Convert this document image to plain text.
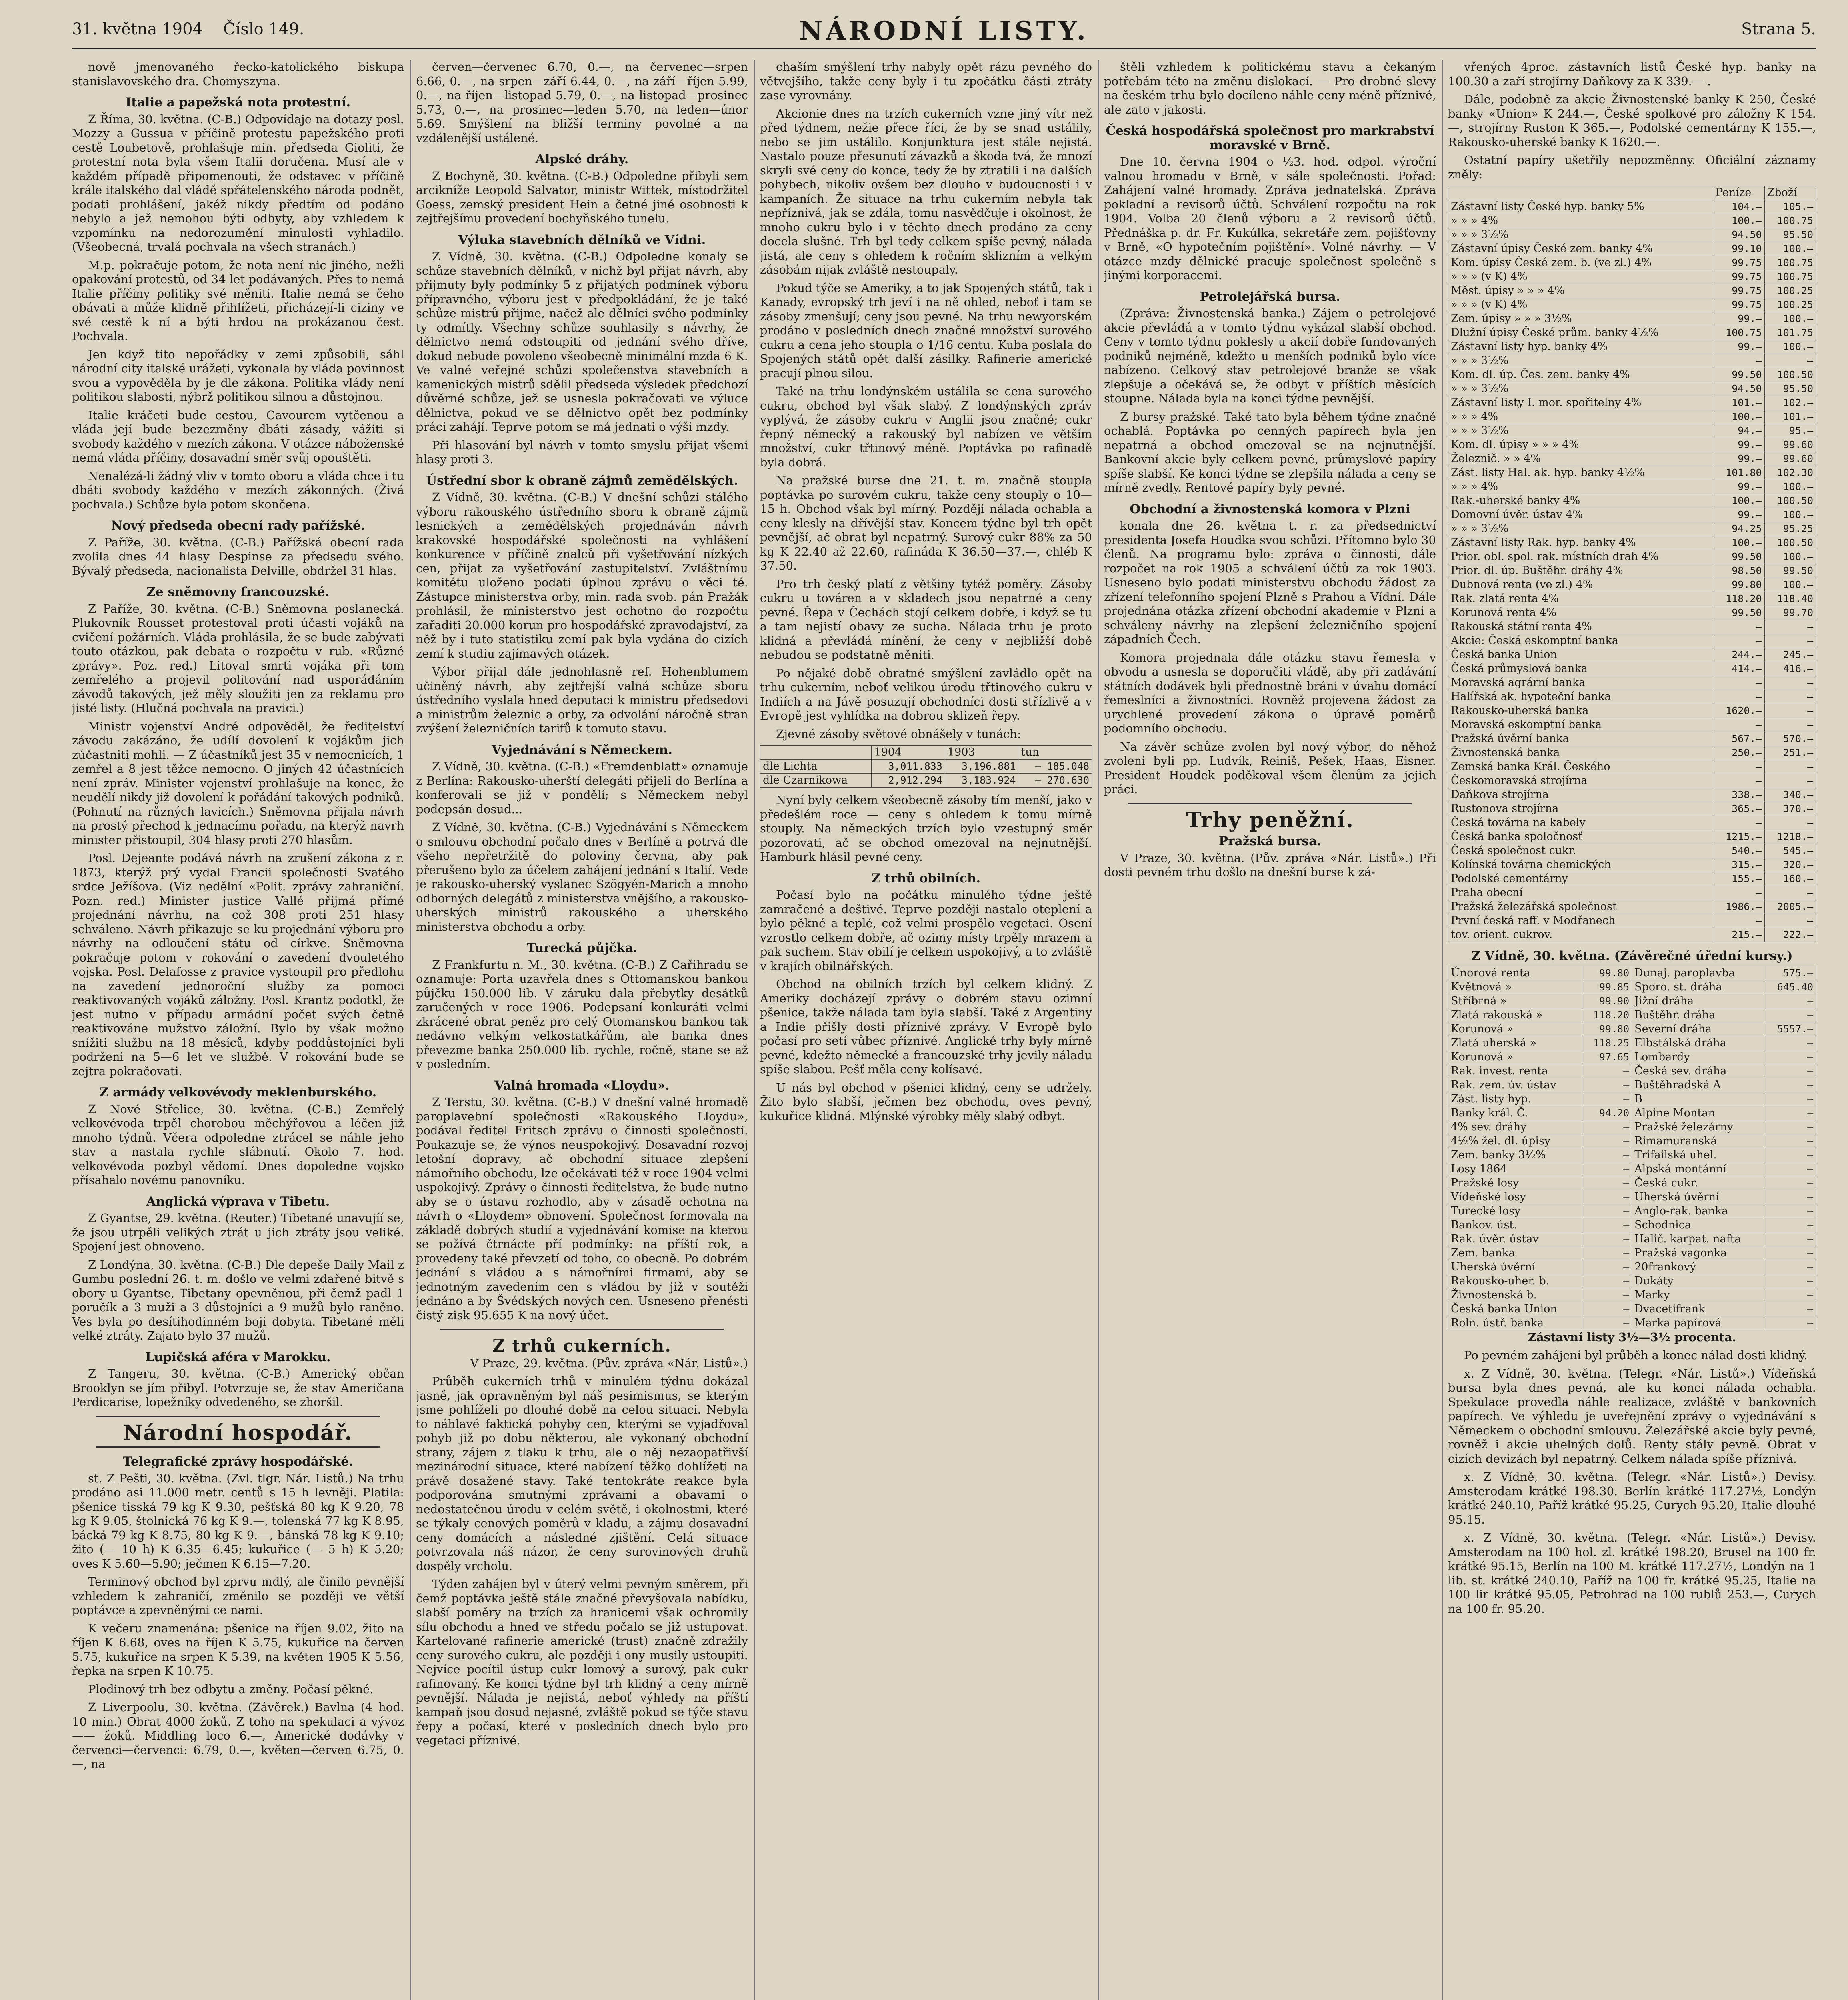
31. května 1904 Číslo 149.	NÁRODNÍ LISTY.	Strana 5.

nově jmenovaného řecko-katolického biskupa stanislavovského dra. Chomyszyna.

Italie a papežská nota protestní.

Z Říma, 30. května. (C-B.) Odpovídaje na dotazy posl. Mozzy a Gussua v příčině protestu papežského proti cestě Loubetově, prohlašuje min. předseda Gioliti, že protestní nota byla všem Italii doručena. Musí ale v každém případě připomenouti, že odstavec v příčině krále italského dal vládě spřátelenského národa podnět, podati prohlášení, jakéž nikdy předtím od podáno nebylo a jež nemohou býti odbyty, aby vzhledem k vzpomínku na nedorozumění minulosti vyhladilo. (Všeobecná, trvalá pochvala na všech stranách.)

M.p. pokračuje potom, že nota není nic jiného, nežli opakování protestů, od 34 let podávaných. Přes to nemá Italie příčiny politiky své měniti. Italie nemá se čeho obávati a může klidně přihlížeti, přicházejí-li ciziny ve své cestě k ní a býti hrdou na prokázanou čest. Pochvala.

Jen když tito nepořádky v zemi způsobili, sáhl národní city italské urážeti, vykonala by vláda povinnost svou a vypověděla by je dle zákona. Politika vlády není politikou slabosti, nýbrž politikou silnou a důstojnou.

Italie kráčeti bude cestou, Cavourem vytčenou a vláda její bude bezezměny dbáti zásady, vážiti si svobody každého v mezích zákona. V otázce náboženské nemá vláda příčiny, dosavadní směr svůj opouštěti.

Nenalézá-li žádný vliv v tomto oboru a vláda chce i tu dbáti svobody každého v mezích zákonných. (Živá pochvala.) Schůze byla potom skončena.

Nový předseda obecní rady pařížské.

Z Paříže, 30. května. (C-B.) Pařížská obecní rada zvolila dnes 44 hlasy Despinse za předsedu svého. Bývalý předseda, nacionalista Delville, obdržel 31 hlas.

Ze sněmovny francouzské.

Z Paříže, 30. května. (C-B.) Sněmovna poslanecká. Plukovník Rousset protestoval proti účasti vojáků na cvičení požárních. Vláda prohlásila, že se bude zabývati touto otázkou, pak debata o rozpočtu v rub. «Různé zprávy». Poz. red.) Litoval smrti vojáka při tom zemřelého a projevil politování nad usporádáním závodů takových, jež měly sloužiti jen za reklamu pro jisté listy. (Hlučná pochvala na pravici.)

Ministr vojenství André odpověděl, že ředitelství závodu zakázáno, že udílí dovolení k vojákům jich zúčastniti mohli. — Z účastníků jest 35 v nemocnicích, 1 zemřel a 8 jest těžce nemocno. O jiných 42 účastnících není zpráv. Minister vojenství prohlašuje na konec, že neudělí nikdy již dovolení k pořádání takových podniků. (Pohnutí na různých lavicích.) Sněmovna přijala návrh na prostý přechod k jednacímu pořadu, na kterýž navrh minister přistoupil, 304 hlasy proti 270 hlasům.

Posl. Dejeante podává návrh na zrušení zákona z r. 1873, kterýž prý vydal Francii společnosti Svatého srdce Ježíšova. (Viz nedělní «Polit. zprávy zahraniční. Pozn. red.) Minister justice Vallé přijmá přímé projednání návrhu, na což 308 proti 251 hlasy schváleno. Návrh přikazuje se ku projednání výboru pro návrhy na odloučení státu od církve. Sněmovna pokračuje potom v rokování o zavedení dvouletého vojska. Posl. Delafosse z pravice vystoupil pro předlohu na zavedení jednoroční služby za pomoci reaktivovaných vojáků záložny. Posl. Krantz podotkl, že jest nutno v případu armádní počet svých četně reaktivováne mužstvo záložní. Bylo by však možno snížiti službu na 18 měsíců, kdyby poddůstojníci byli podrženi na 5—6 let ve službě. V rokování bude se zejtra pokračovati.

Z armády velkovévody meklenburského.

Z Nové Střelice, 30. května. (C-B.) Zemřelý velkovévoda trpěl chorobou měchýřovou a léčen již mnoho týdnů. Včera odpoledne ztrácel se náhle jeho stav a nastala rychle slábnutí. Okolo 7. hod. velkovévoda pozbyl vědomí. Dnes dopoledne vojsko přísahalo novému panovníku.

Anglická výprava v Tibetu.

Z Gyantse, 29. května. (Reuter.) Tibetané unavujíí se, že jsou utrpěli velikých ztrát u jich ztráty jsou veliké. Spojení jest obnoveno.

Z Londýna, 30. května. (C-B.) Dle depeše Daily Mail z Gumbu poslední 26. t. m. došlo ve velmi zdařené bitvě s obory u Gyantse, Tibetany opevněnou, při čemž padl 1 poručík a 3 muži a 3 důstojníci a 9 mužů bylo raněno. Ves byla po desítihodinném boji dobyta. Tibetané měli velké ztráty. Zajato bylo 37 mužů.

Lupičská aféra v Marokku.

Z Tangeru, 30. května. (C-B.) Americký občan Brooklyn se jím přibyl. Potvrzuje se, že stav Američana Perdicarise, lopežníky odvedeného, se zhoršil.

Národní hospodář.
Telegrafické zprávy hospodářské.

st. Z Pešti, 30. května. (Zvl. tlgr. Nár. Listů.) Na trhu prodáno asi 11.000 metr. centů s 15 h levněji. Platila: pšenice tisská 79 kg K 9.30, pešťská 80 kg K 9.20, 78 kg K 9.05, štolnická 76 kg K 9.—, tolenská 77 kg K 8.95, bácká 79 kg K 8.75, 80 kg K 9.—, bánská 78 kg K 9.10; žito (— 10 h) K 6.35—6.45; kukuřice (— 5 h) K 5.20; oves K 5.60—5.90; ječmen K 6.15—7.20.

Terminový obchod byl zprvu mdlý, ale činilo pevnější vzhledem k zahraničí, změnilo se později ve větší poptávce a zpevněnými ce nami.

K večeru znamenána: pšenice na říjen 9.02, žito na říjen K 6.68, oves na říjen K 5.75, kukuřice na červen 5.75, kukuřice na srpen K 5.39, na květen 1905 K 5.56, řepka na srpen K 10.75.

Plodinový trh bez odbytu a změny. Počasí pěkné.

Z Liverpoolu, 30. května. (Závěrek.) Bavlna (4 hod. 10 min.) Obrat 4000 žoků. Z toho na spekulaci a vývoz —— žoků. Middling loco 6.—, Americké dodávky v červenci—červenci: 6.79, 0.—, květen—červen 6.75, 0.—, na

červen—červenec 6.70, 0.—, na červenec—srpen 6.66, 0.—, na srpen—září 6.44, 0.—, na září—říjen 5.99, 0.—, na říjen—listopad 5.79, 0.—, na listopad—prosinec 5.73, 0.—, na prosinec—leden 5.70, na leden—únor 5.69. Smýšlení na bližší terminy povolné a na vzdálenější ustálené.

Alpské dráhy.

Z Bochyně, 30. května. (C-B.) Odpoledne přibyli sem arcikníže Leopold Salvator, ministr Wittek, místodržitel Goess, zemský president Hein a četné jiné osobnosti k zejtřejšímu provedení bochyňského tunelu.

Výluka stavebních dělníků ve Vídni.

Z Vídně, 30. května. (C-B.) Odpoledne konaly se schůze stavebních dělníků, v nichž byl přijat návrh, aby přijmuty byly podmínky 5 z přijatých podmínek výboru přípravného, výboru jest v předpokládání, že je také schůze mistrů přijme, načež ale dělníci svého podmínky ty odmítly. Všechny schůze souhlasily s návrhy, že dělnictvo nemá odstoupiti od jednání svého dříve, dokud nebude povoleno všeobecně minimální mzda 6 K. Ve valné veřejné schůzi společenstva stavebních a kamenických mistrů sdělil předseda výsledek předchozí důvěrné schůze, jež se usnesla pokračovati ve výluce dělnictva, pokud ve se dělnictvo opět bez podmínky práci zahájí. Teprve potom se má jednati o výši mzdy.

Při hlasování byl návrh v tomto smyslu přijat všemi hlasy proti 3.

Ústřední sbor k obraně zájmů zemědělských.

Z Vídně, 30. května. (C-B.) V dnešní schůzi stálého výboru rakouského ústředního sboru k obraně zájmů lesnických a zemědělských projednáván návrh krakovské hospodářské společnosti na vyhlášení konkurence v příčině znalců při vyšetřování nízkých cen, přijat za vyšetřování zastupitelství. Zvláštnímu komitétu uloženo podati úplnou zprávu o věci té. Zástupce ministerstva orby, min. rada svob. pán Pražák prohlásil, že ministerstvo jest ochotno do rozpočtu zařaditi 20.000 korun pro hospodářské zpravodajství, za něž by i tuto statistiku zemí pak byla vydána do cizích zemí k studiu zajímavých otázek.

Výbor přijal dále jednohlasně ref. Hohenblumem učiněný návrh, aby zejtřejší valná schůze sboru ústředního vyslala hned deputaci k ministru předsedovi a ministrům železnic a orby, za odvolání náročně stran zvýšení železničních tarifů k tomuto stavu.

Vyjednávání s Německem.

Z Vídně, 30. května. (C-B.) «Fremdenblatt» oznamuje z Berlína: Rakousko-uherští delegáti přijeli do Berlína a konferovali se již v pondělí; s Německem nebyl podepsán dosud...

Z Vídně, 30. května. (C-B.) Vyjednávání s Německem o smlouvu obchodní počalo dnes v Berlíně a potrvá dle všeho nepřetržitě do poloviny června, aby pak přerušeno bylo za účelem zahájení jednání s Italií. Vede je rakousko-uherský vyslanec Szögyén-Marich a mnoho odborných delegátů z ministerstva vnějšího, a rakousko-uherských ministrů rakouského a uherského ministerstva obchodu a orby.

Turecká půjčka.

Z Frankfurtu n. M., 30. května. (C-B.) Z Cařihradu se oznamuje: Porta uzavřela dnes s Ottomanskou bankou půjčku 150.000 lib. V záruku dala přebytky desátků zaručených v roce 1906. Podepsaní konkuráti velmi zkrácené obrat peněz pro celý Otomanskou bankou tak nedávno velkým velkostatkářům, ale banka dnes převezme banka 250.000 lib. rychle, ročně, stane se až v posledním.

Valná hromada «Lloydu».

Z Terstu, 30. května. (C-B.) V dnešní valné hromadě paroplavební společnosti «Rakouského Lloydu», podával ředitel Fritsch zprávu o činnosti společnosti. Poukazuje se, že výnos neuspokojivý. Dosavadní rozvoj letošní dopravy, ač obchodní situace zlepšení námořního obchodu, lze očekávati též v roce 1904 velmi uspokojivý. Zprávy o činnosti ředitelstva, že bude nutno aby se o ústavu rozhodlo, aby v zásadě ochotna na návrh o «Lloydem» obnovení. Společnost formovala na základě dobrých studií a vyjednávání komise na kterou se požívá čtrnácte pří podmínky: na příští rok, a provedeny také převzetí od toho, co obecně. Po dobrém jednání s vládou a s námořními firmami, aby se jednotným zavedením cen s vládou by již v soutěži jednáno a by Švédských nových cen. Usneseno přenésti čistý zisk 95.655 K na nový účet.

Z trhů cukerních.

V Praze, 29. května. (Pův. zpráva «Nár. Listů».)

Průběh cukerních trhů v minulém týdnu dokázal jasně, jak opravněným byl náš pesimismus, se kterým jsme pohlíželi po dlouhé době na celou situaci. Nebyla to náhlavé faktická pohyby cen, kterými se vyjadřoval pohyb již po dobu některou, ale vykonaný obchodní strany, zájem z tlaku k trhu, ale o něj nezaopatřivší mezinárodní situace, které nabízení těžko dohlížeti na právě dosažené stavy. Také tentokráte reakce byla podporována smutnými zprávami a obavami o nedostatečnou úrodu v celém světě, i okolnostmi, které se týkaly cenových poměrů v kladu, a zájmu dosavadní ceny domácích a následné zjištění. Celá situace potvrzovala náš názor, že ceny surovinových druhů dospěly vrcholu.

Týden zahájen byl v úterý velmi pevným směrem, při čemž poptávka ještě stále značné převyšovala nabídku, slabší poměry na trzích za hranicemi však ochromily sílu obchodu a hned ve středu počalo se již ustupovat. Kartelované rafinerie americké (trust) značně zdražily ceny surového cukru, ale později i ony musily ustoupiti. Nejvíce pocítil ústup cukr lomový a surový, pak cukr rafinovaný. Ke konci týdne byl trh klidný a ceny mírně pevnější. Nálada je nejistá, neboť výhledy na příští kampaň jsou dosud nejasné, zvláště pokud se týče stavu řepy a počasí, které v posledních dnech bylo pro vegetaci příznivé.

chaším smýšlení trhy nabyly opět rázu pevného do větvejšího, takže ceny byly i tu zpočátku části ztráty zase vyrovnány.

Akcionie dnes na trzích cukerních vzne jiný vítr než před týdnem, nežie přece říci, že by se snad ustálily, nebo se jim ustálilo. Konjunktura jest stále nejistá. Nastalo pouze přesunutí závazků a škoda tvá, že mnozí skryli své ceny do konce, tedy že by ztratili i na dalších pohybech, nikoliv ovšem bez dlouho v budoucnosti i v kampaních. Že situace na trhu cukerním nebyla tak nepříznivá, jak se zdála, tomu nasvědčuje i okolnost, že mnoho cukru bylo i v těchto dnech prodáno za ceny docela slušné. Trh byl tedy celkem spíše pevný, nálada jistá, ale ceny s ohledem k ročním sklizním a velkým zásobám nijak zvláště nestoupaly.

Pokud týče se Ameriky, a to jak Spojených států, tak i Kanady, evropský trh jeví i na ně ohled, neboť i tam se zásoby zmenšují; ceny jsou pevné. Na trhu newyorském prodáno v posledních dnech značné množství surového cukru a cena jeho stoupla o 1/16 centu. Kuba poslala do Spojených států opět další zásilky. Rafinerie americké pracují plnou silou.

Také na trhu londýnském ustálila se cena surového cukru, obchod byl však slabý. Z londýnských zpráv vyplývá, že zásoby cukru v Anglii jsou značné; cukr řepný německý a rakouský byl nabízen ve větším množství, cukr třtinový méně. Poptávka po rafinadě byla dobrá.

Na pražské burse dne 21. t. m. značně stoupla poptávka po surovém cukru, takže ceny stouply o 10—15 h. Obchod však byl mírný. Později nálada ochabla a ceny klesly na dřívější stav. Koncem týdne byl trh opět pevnější, ač obrat byl nepatrný. Surový cukr 88% za 50 kg K 22.40 až 22.60, rafináda K 36.50—37.—, chléb K 37.50.

Pro trh český platí z většiny tytéž poměry. Zásoby cukru u továren a v skladech jsou nepatrné a ceny pevné. Řepa v Čechách stojí celkem dobře, i když se tu a tam nejistí obavy ze sucha. Nálada trhu je proto klidná a převládá mínění, že ceny v nejbližší době nebudou se podstatně měniti.

Po nějaké době obratné smýšlení zavládlo opět na trhu cukerním, neboť velikou úrodu třtinového cukru v Indiích a na Jávě posuzují obchodníci dosti střízlivě a v Evropě jest vyhlídka na dobrou sklizeň řepy.

Zjevné zásoby světové obnášely v tunách:

	1904	1903	tun
dle Lichta	3,011.833	3,196.881	— 185.048
dle Czarnikowa	2,912.294	3,183.924	— 270.630

Nyní byly celkem všeobecně zásoby tím menší, jako v předešlém roce — ceny s ohledem k tomu mírně stouply. Na německých trzích bylo vzestupný směr pozorovati, ač se obchod omezoval na nejnutnější. Hamburk hlásil pevné ceny.

Z trhů obilních.

Počasí bylo na počátku minulého týdne ještě zamračené a deštivé. Teprve později nastalo oteplení a bylo pěkné a teplé, což velmi prospělo vegetaci. Osení vzrostlo celkem dobře, ač ozimy místy trpěly mrazem a pak suchem. Stav obilí je celkem uspokojivý, a to zvláště v krajích obilnářských.

Obchod na obilních trzích byl celkem klidný. Z Ameriky docházejí zprávy o dobrém stavu ozimní pšenice, takže nálada tam byla slabší. Také z Argentiny a Indie přišly dosti příznivé zprávy. V Evropě bylo počasí pro setí vůbec příznivé. Anglické trhy byly mírně pevné, kdežto německé a francouzské trhy jevily náladu spíše slabou. Pešť měla ceny kolísavé.

U nás byl obchod v pšenici klidný, ceny se udržely. Žito bylo slabší, ječmen bez obchodu, oves pevný, kukuřice klidná. Mlýnské výrobky měly slabý odbyt.

štěli vzhledem k politickému stavu a čekaným potřebám této na změnu dislokací. — Pro drobné slevy na českém trhu bylo docíleno náhle ceny méně příznivé, ale zato v jakosti.

Česká hospodářská společnost pro markrabství moravské v Brně.

Dne 10. června 1904 o ½3. hod. odpol. výroční valnou hromadu v Brně, v sále společnosti. Pořad: Zahájení valné hromady. Zpráva jednatelská. Zpráva pokladní a revisorů účtů. Schválení rozpočtu na rok 1904. Volba 20 členů výboru a 2 revisorů účtů. Přednáška p. dr. Fr. Kukúlka, sekretáře zem. pojišťovny v Brně, «O hypotečním pojištění». Volné návrhy. — V otázce mzdy dělnické pracuje společnost společně s jinými korporacemi.

Petrolejářská bursa.

(Zpráva: Živnostenská banka.) Zájem o petrolejové akcie převládá a v tomto týdnu vykázal slabší obchod. Ceny v tomto týdnu poklesly u akcií dobře fundovaných podniků nejméně, kdežto u menších podniků bylo více nabízeno. Celkový stav petrolejové branže se však zlepšuje a očekává se, že odbyt v příštích měsících stoupne. Nálada byla na konci týdne pevnější.

Z bursy pražské. Také tato byla během týdne značně ochablá. Poptávka po cenných papírech byla jen nepatrná a obchod omezoval se na nejnutnější. Bankovní akcie byly celkem pevné, průmyslové papíry spíše slabší. Ke konci týdne se zlepšila nálada a ceny se mírně zvedly. Rentové papíry byly pevné.

Obchodní a živnostenská komora v Plzni

konala dne 26. května t. r. za předsednictví presidenta Josefa Houdka svou schůzi. Přítomno bylo 30 členů. Na programu bylo: zpráva o činnosti, dále rozpočet na rok 1905 a schválení účtů za rok 1903. Usneseno bylo podati ministerstvu obchodu žádost za zřízení telefonního spojení Plzně s Prahou a Vídní. Dále projednána otázka zřízení obchodní akademie v Plzni a schváleny návrhy na zlepšení železničního spojení západních Čech.

Komora projednala dále otázku stavu řemesla v obvodu a usnesla se doporučiti vládě, aby při zadávání státních dodávek byli přednostně bráni v úvahu domácí řemeslníci a živnostníci. Rovněž projevena žádost za urychlené provedení zákona o úpravě poměrů podomního obchodu.

Na závěr schůze zvolen byl nový výbor, do něhož zvoleni byli pp. Ludvík, Reiniš, Pešek, Haas, Eisner. President Houdek poděkoval všem členům za jejich práci.

Trhy peněžní.
Pražská bursa.

V Praze, 30. května. (Pův. zpráva «Nár. Listů».) Při dosti pevném trhu došlo na dnešní burse k zá-

vřených 4proc. zástavních listů České hyp. banky na 100.30 a zaří strojírny Daňkovy za K 339.— .

Dále, podobně za akcie Živnostenské banky K 250, České banky «Union» K 244.—, České spolkové pro záložny K 154.—, strojírny Ruston K 365.—, Podolské cementárny K 155.—, Rakousko-uherské banky K 1620.—.

Ostatní papíry ušetřily nepozměnny. Oficiální záznamy zněly:

	Peníze	Zboží
Zástavní listy České hyp. banky 5%	104.—	105.—
» » » 4%	100.—	100.75
» » » 3½%	94.50	95.50
Zástavní úpisy České zem. banky 4%	99.10	100.—
Kom. úpisy České zem. b. (ve zl.) 4%	99.75	100.75
» » » (v K) 4%	99.75	100.75
Měst. úpisy » » » 4%	99.75	100.25
» » » (v K) 4%	99.75	100.25
Zem. úpisy » » » 3½%	99.—	100.—
Dlužní úpisy České prům. banky 4½%	100.75	101.75
Zástavní listy hyp. banky 4%	99.—	100.—
» » » 3½%	—	—
Kom. dl. úp. Čes. zem. banky 4%	99.50	100.50
» » » 3½%	94.50	95.50
Zástavní listy I. mor. spořitelny 4%	101.—	102.—
» » » 4%	100.—	101.—
» » » 3½%	94.—	95.—
Kom. dl. úpisy » » » 4%	99.—	99.60
Železnič. » » 4%	99.—	99.60
Zást. listy Hal. ak. hyp. banky 4½%	101.80	102.30
» » » 4%	99.—	100.—
Rak.-uherské banky 4%	100.—	100.50
Domovní úvěr. ústav 4%	99.—	100.—
» » » 3½%	94.25	95.25
Zástavní listy Rak. hyp. banky 4%	100.—	100.50
Prior. obl. spol. rak. místních drah 4%	99.50	100.—
Prior. dl. úp. Buštěhr. dráhy 4%	98.50	99.50
Dubnová renta (ve zl.) 4%	99.80	100.—
Rak. zlatá renta 4%	118.20	118.40
Korunová renta 4%	99.50	99.70
Rakouská státní renta 4%	—	—
Akcie: Česká eskomptní banka	—	—
Česká banka Union	244.—	245.—
Česká průmyslová banka	414.—	416.—
Moravská agrární banka	—	—
Halířská ak. hypoteční banka	—	—
Rakousko-uherská banka	1620.—	—
Moravská eskomptní banka	—	—
Pražská úvěrní banka	567.—	570.—
Živnostenská banka	250.—	251.—
Zemská banka Král. Českého	—	—
Českomoravská strojírna	—	—
Daňkova strojírna	338.—	340.—
Rustonova strojírna	365.—	370.—
Česká továrna na kabely	—	—
Česká banka spoločnosť	1215.—	1218.—
Česká společnost cukr.	540.—	545.—
Kolínská továrna chemických	315.—	320.—
Podolské cementárny	155.—	160.—
Praha obecní	—	—
Pražská železářská společnost	1986.—	2005.—
První česká raff. v Modřanech	—	—
tov. orient. cukrov.	215.—	222.—
Z Vídně, 30. května. (Závěrečné úřední kursy.)
Únorová renta	99.80	Dunaj. paroplavba	575.—
Květnová »	99.85	Sporo. st. dráha	645.40
Stříbrná »	99.90	Jižní dráha	—
Zlatá rakouská »	118.20	Buštěhr. dráha	—
Korunová »	99.80	Severní dráha	5557.—
Zlatá uherská »	118.25	Elbstálská dráha	—
Korunová »	97.65	Lombardy	—
Rak. invest. renta	—	Česká sev. dráha	—
Rak. zem. úv. ústav	—	Buštěhradská A	—
Zást. listy hyp.	—	B	—
Banky král. Č.	94.20	Alpine Montan	—
4% sev. dráhy	—	Pražské železárny	—
4½% žel. dl. úpisy	—	Rimamuranská	—
Zem. banky 3½%	—	Trifailská uhel.	—
Losy 1864	—	Alpská montánní	—
Pražské losy	—	Česká cukr.	—
Vídeňské losy	—	Uherská úvěrní	—
Turecké losy	—	Anglo-rak. banka	—
Bankov. úst.	—	Schodnica	—
Rak. úvěr. ústav	—	Halič. karpat. nafta	—
Zem. banka	—	Pražská vagonka	—
Uherská úvěrní	—	20frankový	—
Rakousko-uher. b.	—	Dukáty	—
Živnostenská b.	—	Marky	—
Česká banka Union	—	Dvacetifrank	—
Roln. ústř. banka	—	Marka papírová	—

Zástavní listy 3½—3½ procenta.

Po pevném zahájení byl průběh a konec nálad dosti klidný.

x. Z Vídně, 30. května. (Telegr. «Nár. Listů».) Vídeňská bursa byla dnes pevná, ale ku konci nálada ochabla. Spekulace provedla náhle realizace, zvláště v bankovních papírech. Ve výhledu je uveřejnění zprávy o vyjednávání s Německem o obchodní smlouvu. Železářské akcie byly pevné, rovněž i akcie uhelných dolů. Renty stály pevně. Obrat v cizích devizách byl nepatrný. Celkem nálada spíše příznivá.

x. Z Vídně, 30. května. (Telegr. «Nár. Listů».) Devisy. Amsterodam krátké 198.30. Berlín krátké 117.27½, Londýn krátké 240.10, Paříž krátké 95.25, Curych 95.20, Italie dlouhé 95.15.

x. Z Vídně, 30. května. (Telegr. «Nár. Listů».) Devisy. Amsterodam na 100 hol. zl. krátké 198.20, Brusel na 100 fr. krátké 95.15, Berlín na 100 M. krátké 117.27½, Londýn na 1 lib. st. krátké 240.10, Paříž na 100 fr. krátké 95.25, Italie na 100 lir krátké 95.05, Petrohrad na 100 rublů 253.—, Curych na 100 fr. 95.20.
